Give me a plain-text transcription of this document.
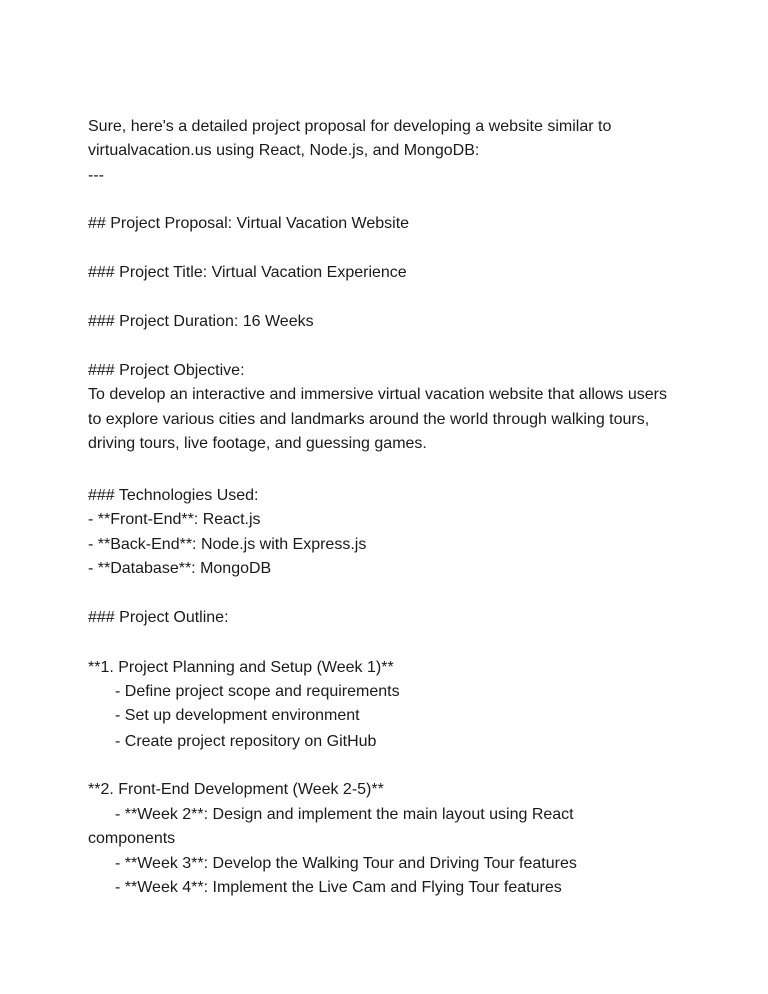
Sure, here's a detailed project proposal for developing a website similar to
virtualvacation.us using React, Node.js, and MongoDB:
---
## Project Proposal: Virtual Vacation Website
### Project Title: Virtual Vacation Experience
### Project Duration: 16 Weeks
### Project Objective:
To develop an interactive and immersive virtual vacation website that allows users
to explore various cities and landmarks around the world through walking tours,
driving tours, live footage, and guessing games.
### Technologies Used:
- **Front-End**: React.js
- **Back-End**: Node.js with Express.js
- **Database**: MongoDB
### Project Outline:
**1. Project Planning and Setup (Week 1)**
- Define project scope and requirements
- Set up development environment
- Create project repository on GitHub
**2. Front-End Development (Week 2-5)**
- **Week 2**: Design and implement the main layout using React
components
- **Week 3**: Develop the Walking Tour and Driving Tour features
- **Week 4**: Implement the Live Cam and Flying Tour features
